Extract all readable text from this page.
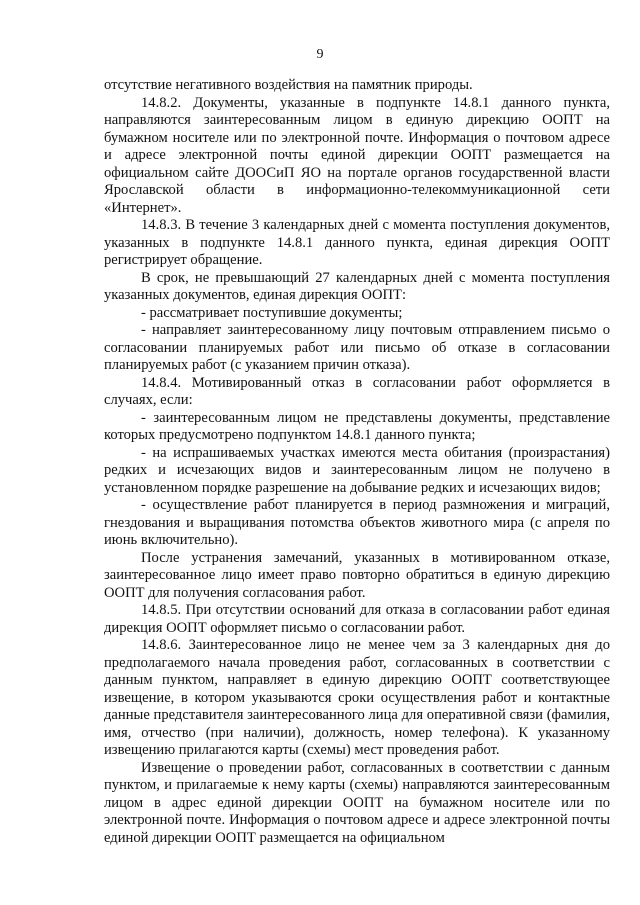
9

отсутствие негативного воздействия на памятник природы.

14.8.2. Документы, указанные в подпункте 14.8.1 данного пункта, направляются заинтересованным лицом в единую дирекцию ООПТ на бумажном носителе или по электронной почте. Информация о почтовом адресе и адресе электронной почты единой дирекции ООПТ размещается на официальном сайте ДООСиП ЯО на портале органов государственной власти Ярославской области в информационно-телекоммуникационной сети «Интернет».

14.8.3. В течение 3 календарных дней с момента поступления документов, указанных в подпункте 14.8.1 данного пункта, единая дирекция ООПТ регистрирует обращение.

В срок, не превышающий 27 календарных дней с момента поступления указанных документов, единая дирекция ООПТ:

- рассматривает поступившие документы;

- направляет заинтересованному лицу почтовым отправлением письмо о согласовании планируемых работ или письмо об отказе в согласовании планируемых работ (с указанием причин отказа).

14.8.4. Мотивированный отказ в согласовании работ оформляется в случаях, если:

- заинтересованным лицом не представлены документы, представление которых предусмотрено подпунктом 14.8.1 данного пункта;

- на испрашиваемых участках имеются места обитания (произрастания) редких и исчезающих видов и заинтересованным лицом не получено в установленном порядке разрешение на добывание редких и исчезающих видов;

- осуществление работ планируется в период размножения и миграций, гнездования и выращивания потомства объектов животного мира (с апреля по июнь включительно).

После устранения замечаний, указанных в мотивированном отказе, заинтересованное лицо имеет право повторно обратиться в единую дирекцию ООПТ для получения согласования работ.

14.8.5. При отсутствии оснований для отказа в согласовании работ единая дирекция ООПТ оформляет письмо о согласовании работ.

14.8.6. Заинтересованное лицо не менее чем за 3 календарных дня до предполагаемого начала проведения работ, согласованных в соответствии с данным пунктом, направляет в единую дирекцию ООПТ соответствующее извещение, в котором указываются сроки осуществления работ и контактные данные представителя заинтересованного лица для оперативной связи (фамилия, имя, отчество (при наличии), должность, номер телефона). К указанному извещению прилагаются карты (схемы) мест проведения работ.

Извещение о проведении работ, согласованных в соответствии с данным пунктом, и прилагаемые к нему карты (схемы) направляются заинтересованным лицом в адрес единой дирекции ООПТ на бумажном носителе или по электронной почте. Информация о почтовом адресе и адресе электронной почты единой дирекции ООПТ размещается на официальном
